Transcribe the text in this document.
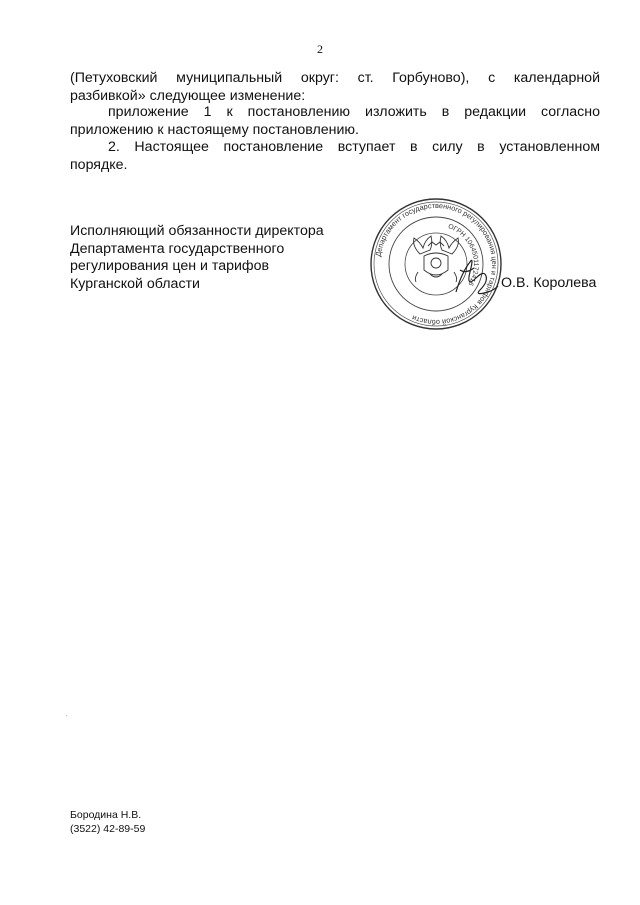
2
(Петуховский муниципальный округ: ст. Горбуново), с календарной
разбивкой» следующее изменение:
приложение 1 к постановлению изложить в редакции согласно
приложению к настоящему постановлению.
2. Настоящее постановление вступает в силу в установленном
порядке.
Исполняющий обязанности директора
Департамента государственного
регулирования цен и тарифов
Курганской области
Департамент государственного регулирования цен и тарифов Курганской области
ОГРН 1064501172416	О.В. Королева
Бородина Н.В.
(3522) 42-89-59
